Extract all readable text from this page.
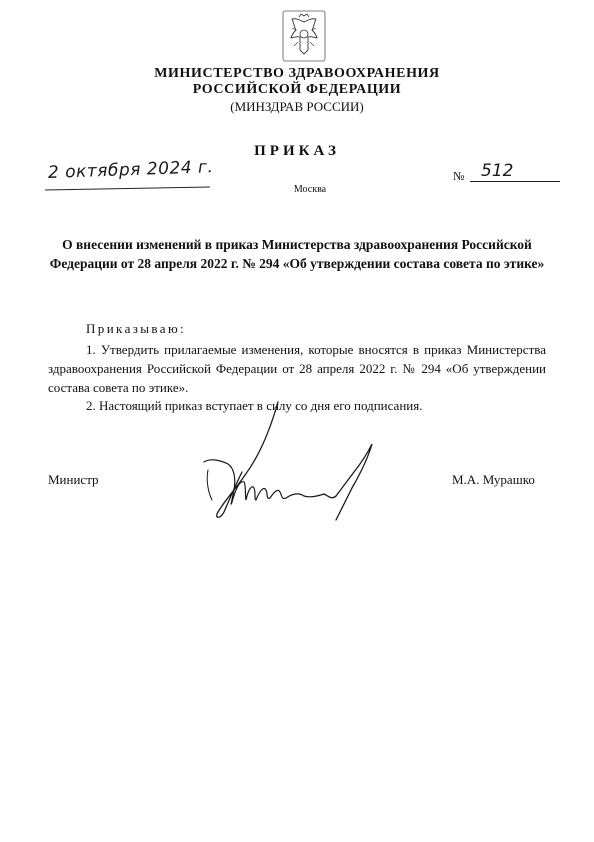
МИНИСТЕРСТВО ЗДРАВООХРАНЕНИЯ
РОССИЙСКОЙ ФЕДЕРАЦИИ
(МИНЗДРАВ РОССИИ)
ПРИКАЗ
2 октября 2024 г.
Москва
№ 512
О внесении изменений в приказ Министерства здравоохранения Российской Федерации от 28 апреля 2022 г. № 294 «Об утверждении состава совета по этике»
Приказываю:
1. Утвердить прилагаемые изменения, которые вносятся в приказ Министерства здравоохранения Российской Федерации от 28 апреля 2022 г. № 294 «Об утверждении состава совета по этике».
2. Настоящий приказ вступает в силу со дня его подписания.
Министр	М.А. Мурашко
